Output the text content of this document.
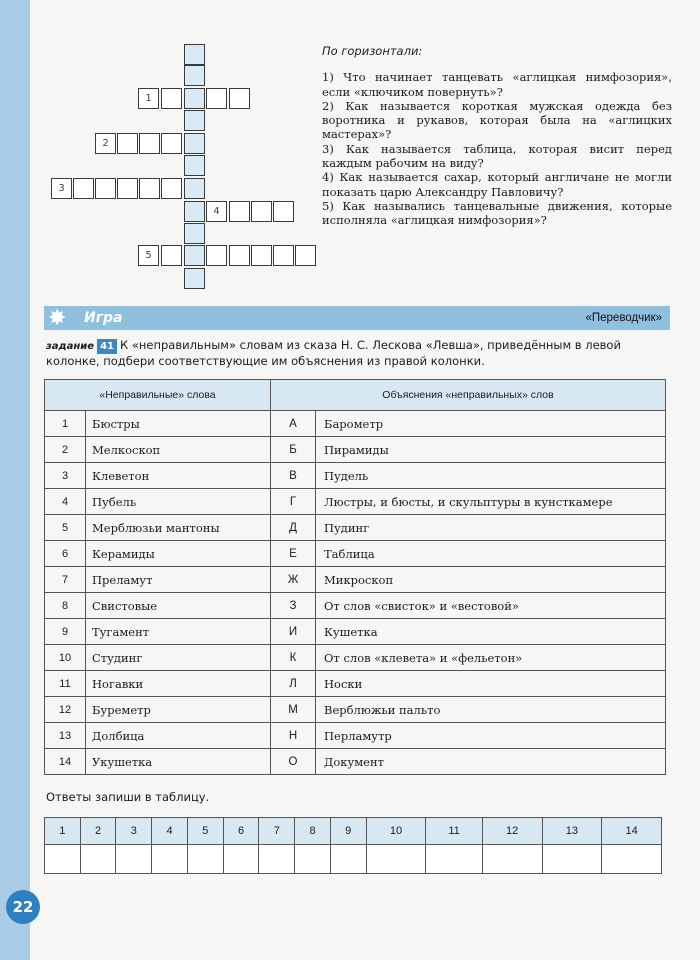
1
2
3
4
5
По горизонтали:

1) Что начинает танцевать «аглицкая нимфозория», если «ключиком повернуть»?

2) Как называется короткая мужская одежда без воротника и рукавов, которая была на «аглицких мастерах»?

3) Как называется таблица, которая висит перед каждым рабочим на виду?

4) Как называется сахар, который англичане не могли показать царю Александру Павловичу?

5) Как назывались танцевальные движения, которые исполняла «аглицкая нимфозория»?

✸ Игра	«Переводчик»
задание 41 К «неправильным» словам из сказа Н. С. Лескова «Левша», приведённым в левой колонке, подбери соответствующие им объяснения из правой колонки.
«Неправильные» слова		Объяснения «неправильных» слов	
1	Бюстры	А	Барометр
2	Мелкоскоп	Б	Пирамиды
3	Клеветон	В	Пудель
4	Пубель	Г	Люстры, и бюсты, и скульптуры в кунсткамере
5	Мерблюзьи мантоны	Д	Пудинг
6	Керамиды	Е	Таблица
7	Преламут	Ж	Микроскоп
8	Свистовые	З	От слов «свисток» и «вестовой»
9	Тугамент	И	Кушетка
10	Студинг	К	От слов «клевета» и «фельетон»
11	Ногавки	Л	Носки
12	Буреметр	М	Верблюжьи пальто
13	Долбица	Н	Перламутр
14	Укушетка	О	Документ
Ответы запиши в таблицу.
1	2	3	4	5	6	7	8	9	10	11	12	13	14

22
